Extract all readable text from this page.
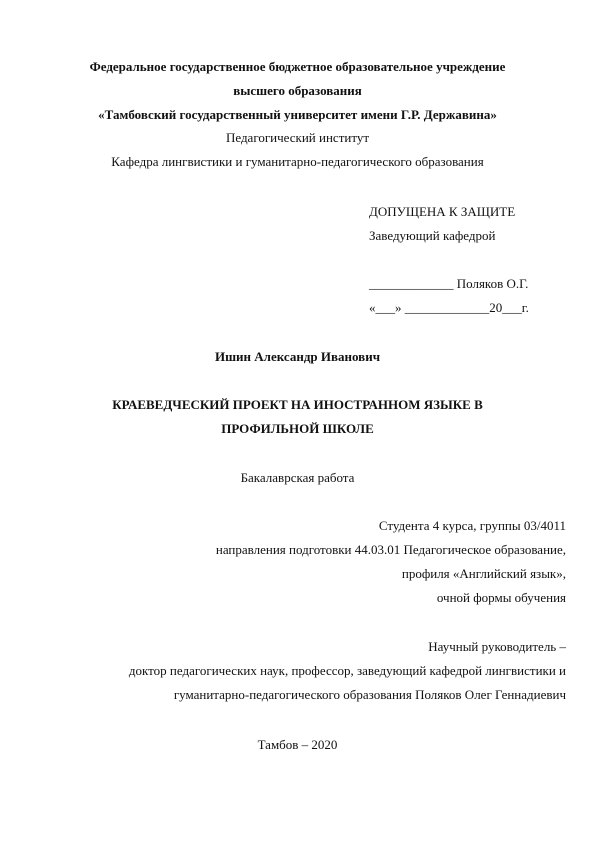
Федеральное государственное бюджетное образовательное учреждение
высшего образования
«Тамбовский государственный университет имени Г.Р. Державина»
Педагогический институт
Кафедра лингвистики и гуманитарно-педагогического образования
ДОПУЩЕНА К ЗАЩИТЕ
Заведующий кафедрой
_____________ Поляков О.Г.
«___» _____________20___г.
Ишин Александр Иванович
КРАЕВЕДЧЕСКИЙ ПРОЕКТ НА ИНОСТРАННОМ ЯЗЫКЕ В
ПРОФИЛЬНОЙ ШКОЛЕ
Бакалаврская работа
Студента 4 курса, группы 03/4011
направления подготовки 44.03.01 Педагогическое образование,
профиля «Английский язык»,
очной формы обучения
Научный руководитель –
доктор педагогических наук, профессор, заведующий кафедрой лингвистики и
гуманитарно-педагогического образования Поляков Олег Геннадиевич
Тамбов – 2020
